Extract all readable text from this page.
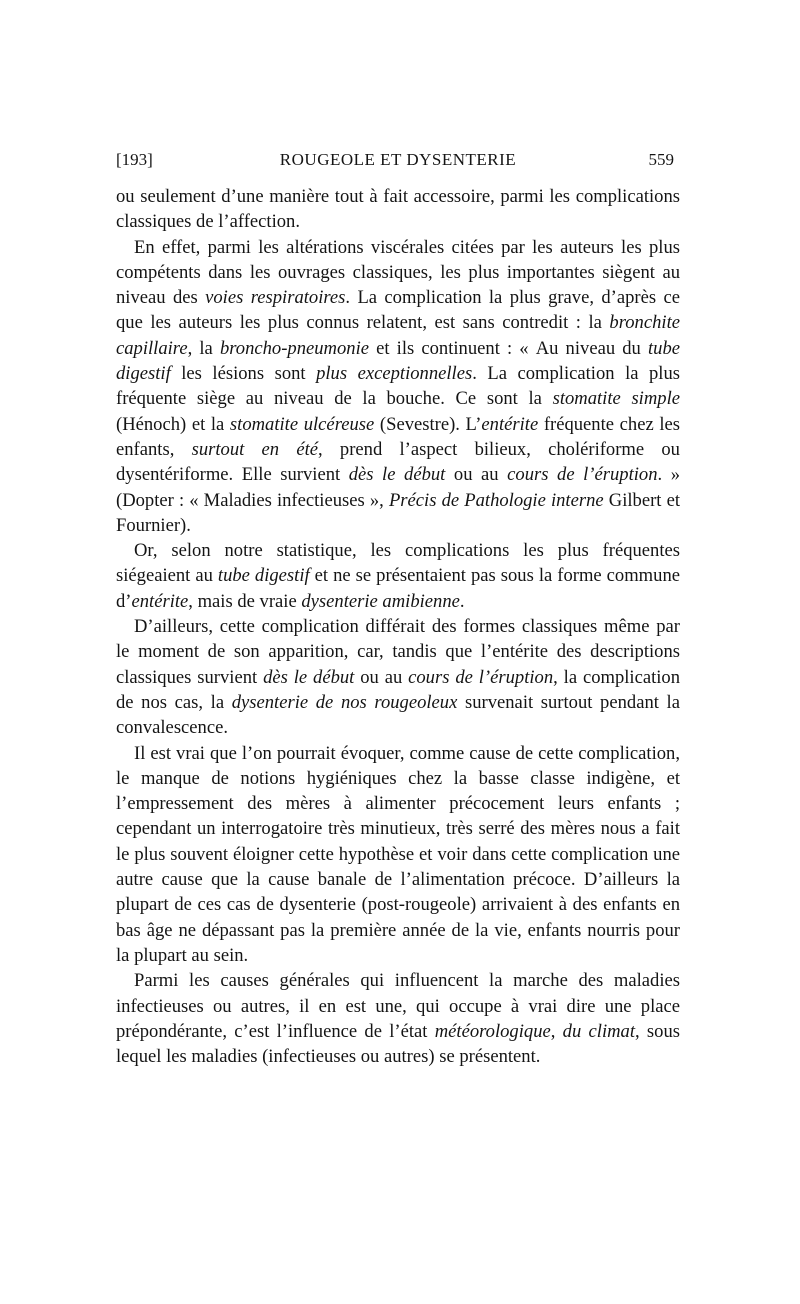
[193]	ROUGEOLE ET DYSENTERIE	559

ou seulement d’une manière tout à fait accessoire, parmi les complications classiques de l’affection.

En effet, parmi les altérations viscérales citées par les auteurs les plus compétents dans les ouvrages classiques, les plus importantes siègent au niveau des voies respiratoires. La complication la plus grave, d’après ce que les auteurs les plus connus relatent, est sans contredit : la bronchite capillaire, la broncho-pneumonie et ils continuent : « Au niveau du tube digestif les lésions sont plus exceptionnelles. La complication la plus fréquente siège au niveau de la bouche. Ce sont la stomatite simple (Hénoch) et la stomatite ulcéreuse (Sevestre). L’entérite fréquente chez les enfants, surtout en été, prend l’aspect bilieux, cholériforme ou dysentériforme. Elle survient dès le début ou au cours de l’éruption. » (Dopter : « Maladies infectieuses », Précis de Pathologie interne Gilbert et Fournier).

Or, selon notre statistique, les complications les plus fréquentes siégeaient au tube digestif et ne se présentaient pas sous la forme commune d’entérite, mais de vraie dysenterie amibienne.

D’ailleurs, cette complication différait des formes classiques même par le moment de son apparition, car, tandis que l’entérite des descriptions classiques survient dès le début ou au cours de l’éruption, la complication de nos cas, la dysenterie de nos rougeoleux survenait surtout pendant la convalescence.

Il est vrai que l’on pourrait évoquer, comme cause de cette complication, le manque de notions hygiéniques chez la basse classe indigène, et l’empressement des mères à alimenter précocement leurs enfants ; cependant un interrogatoire très minutieux, très serré des mères nous a fait le plus souvent éloigner cette hypothèse et voir dans cette complication une autre cause que la cause banale de l’alimentation précoce. D’ailleurs la plupart de ces cas de dysenterie (post-rougeole) arrivaient à des enfants en bas âge ne dépassant pas la première année de la vie, enfants nourris pour la plupart au sein.

Parmi les causes générales qui influencent la marche des maladies infectieuses ou autres, il en est une, qui occupe à vrai dire une place prépondérante, c’est l’influence de l’état météorologique, du climat, sous lequel les maladies (infectieuses ou autres) se présentent.
